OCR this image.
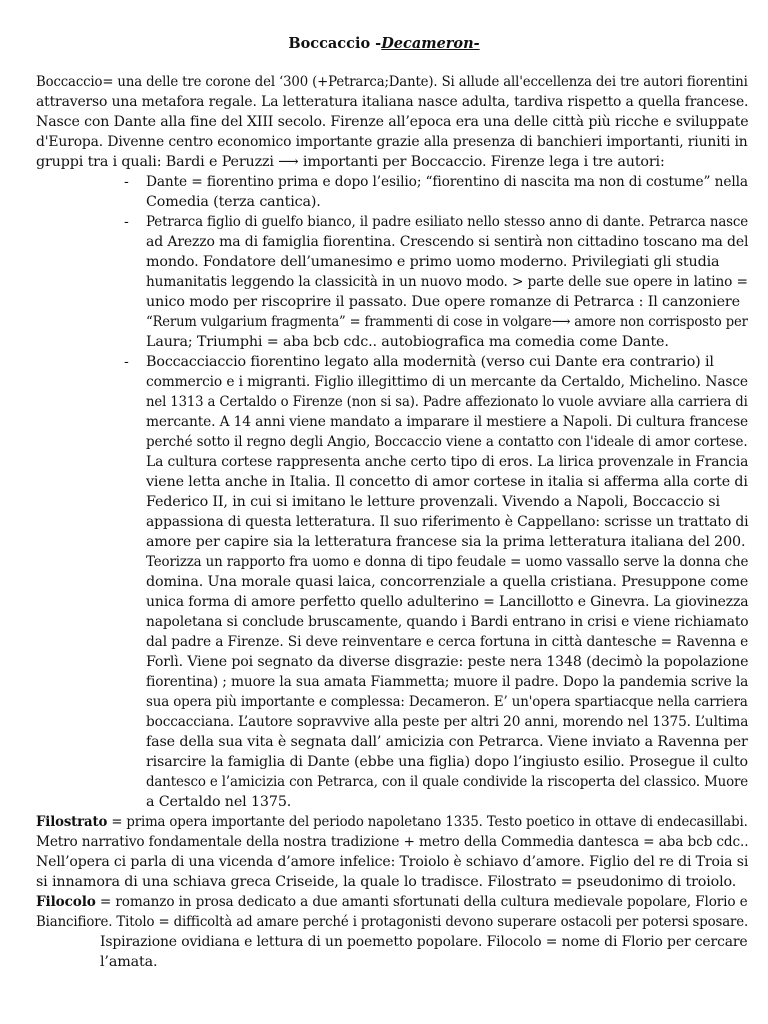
Boccaccio -Decameron-
Boccaccio= una delle tre corone del ‘300 (+Petrarca;Dante). Si allude all'eccellenza dei tre autori fiorentini
attraverso una metafora regale. La letteratura italiana nasce adulta, tardiva rispetto a quella francese.
Nasce con Dante alla fine del XIII secolo. Firenze all’epoca era una delle città più ricche e sviluppate
d'Europa. Divenne centro economico importante grazie alla presenza di banchieri importanti, riuniti in
gruppi tra i quali: Bardi e Peruzzi ⟶ importanti per Boccaccio. Firenze lega i tre autori:
- Dante = fiorentino prima e dopo l’esilio; “fiorentino di nascita ma non di costume” nella
Comedia (terza cantica).
- Petrarca figlio di guelfo bianco, il padre esiliato nello stesso anno di dante. Petrarca nasce
ad Arezzo ma di famiglia fiorentina. Crescendo si sentirà non cittadino toscano ma del
mondo. Fondatore dell’umanesimo e primo uomo moderno. Privilegiati gli studia
humanitatis leggendo la classicità in un nuovo modo. > parte delle sue opere in latino =
unico modo per riscoprire il passato. Due opere romanze di Petrarca : Il canzoniere
“Rerum vulgarium fragmenta” = frammenti di cose in volgare⟶ amore non corrisposto per
Laura; Triumphi = aba bcb cdc.. autobiografica ma comedia come Dante.
- Boccacciaccio fiorentino legato alla modernità (verso cui Dante era contrario) il
commercio e i migranti. Figlio illegittimo di un mercante da Certaldo, Michelino. Nasce
nel 1313 a Certaldo o Firenze (non si sa). Padre affezionato lo vuole avviare alla carriera di
mercante. A 14 anni viene mandato a imparare il mestiere a Napoli. Di cultura francese
perché sotto il regno degli Angio, Boccaccio viene a contatto con l'ideale di amor cortese.
La cultura cortese rappresenta anche certo tipo di eros. La lirica provenzale in Francia
viene letta anche in Italia. Il concetto di amor cortese in italia si afferma alla corte di
Federico II, in cui si imitano le letture provenzali. Vivendo a Napoli, Boccaccio si
appassiona di questa letteratura. Il suo riferimento è Cappellano: scrisse un trattato di
amore per capire sia la letteratura francese sia la prima letteratura italiana del 200.
Teorizza un rapporto fra uomo e donna di tipo feudale = uomo vassallo serve la donna che
domina. Una morale quasi laica, concorrenziale a quella cristiana. Presuppone come
unica forma di amore perfetto quello adulterino = Lancillotto e Ginevra. La giovinezza
napoletana si conclude bruscamente, quando i Bardi entrano in crisi e viene richiamato
dal padre a Firenze. Si deve reinventare e cerca fortuna in città dantesche = Ravenna e
Forlì. Viene poi segnato da diverse disgrazie: peste nera 1348 (decimò la popolazione
fiorentina) ; muore la sua amata Fiammetta; muore il padre. Dopo la pandemia scrive la
sua opera più importante e complessa: Decameron. E’ un'opera spartiacque nella carriera
boccacciana. L’autore sopravvive alla peste per altri 20 anni, morendo nel 1375. L’ultima
fase della sua vita è segnata dall’ amicizia con Petrarca. Viene inviato a Ravenna per
risarcire la famiglia di Dante (ebbe una figlia) dopo l’ingiusto esilio. Prosegue il culto
dantesco e l’amicizia con Petrarca, con il quale condivide la riscoperta del classico. Muore
a Certaldo nel 1375.
Filostrato = prima opera importante del periodo napoletano 1335. Testo poetico in ottave di endecasillabi.
Metro narrativo fondamentale della nostra tradizione + metro della Commedia dantesca = aba bcb cdc..
Nell’opera ci parla di una vicenda d’amore infelice: Troiolo è schiavo d’amore. Figlio del re di Troia si
si innamora di una schiava greca Criseide, la quale lo tradisce. Filostrato = pseudonimo di troiolo.
Filocolo = romanzo in prosa dedicato a due amanti sfortunati della cultura medievale popolare, Florio e
Biancifiore. Titolo = difficoltà ad amare perché i protagonisti devono superare ostacoli per potersi sposare.
Ispirazione ovidiana e lettura di un poemetto popolare. Filocolo = nome di Florio per cercare
l’amata.
